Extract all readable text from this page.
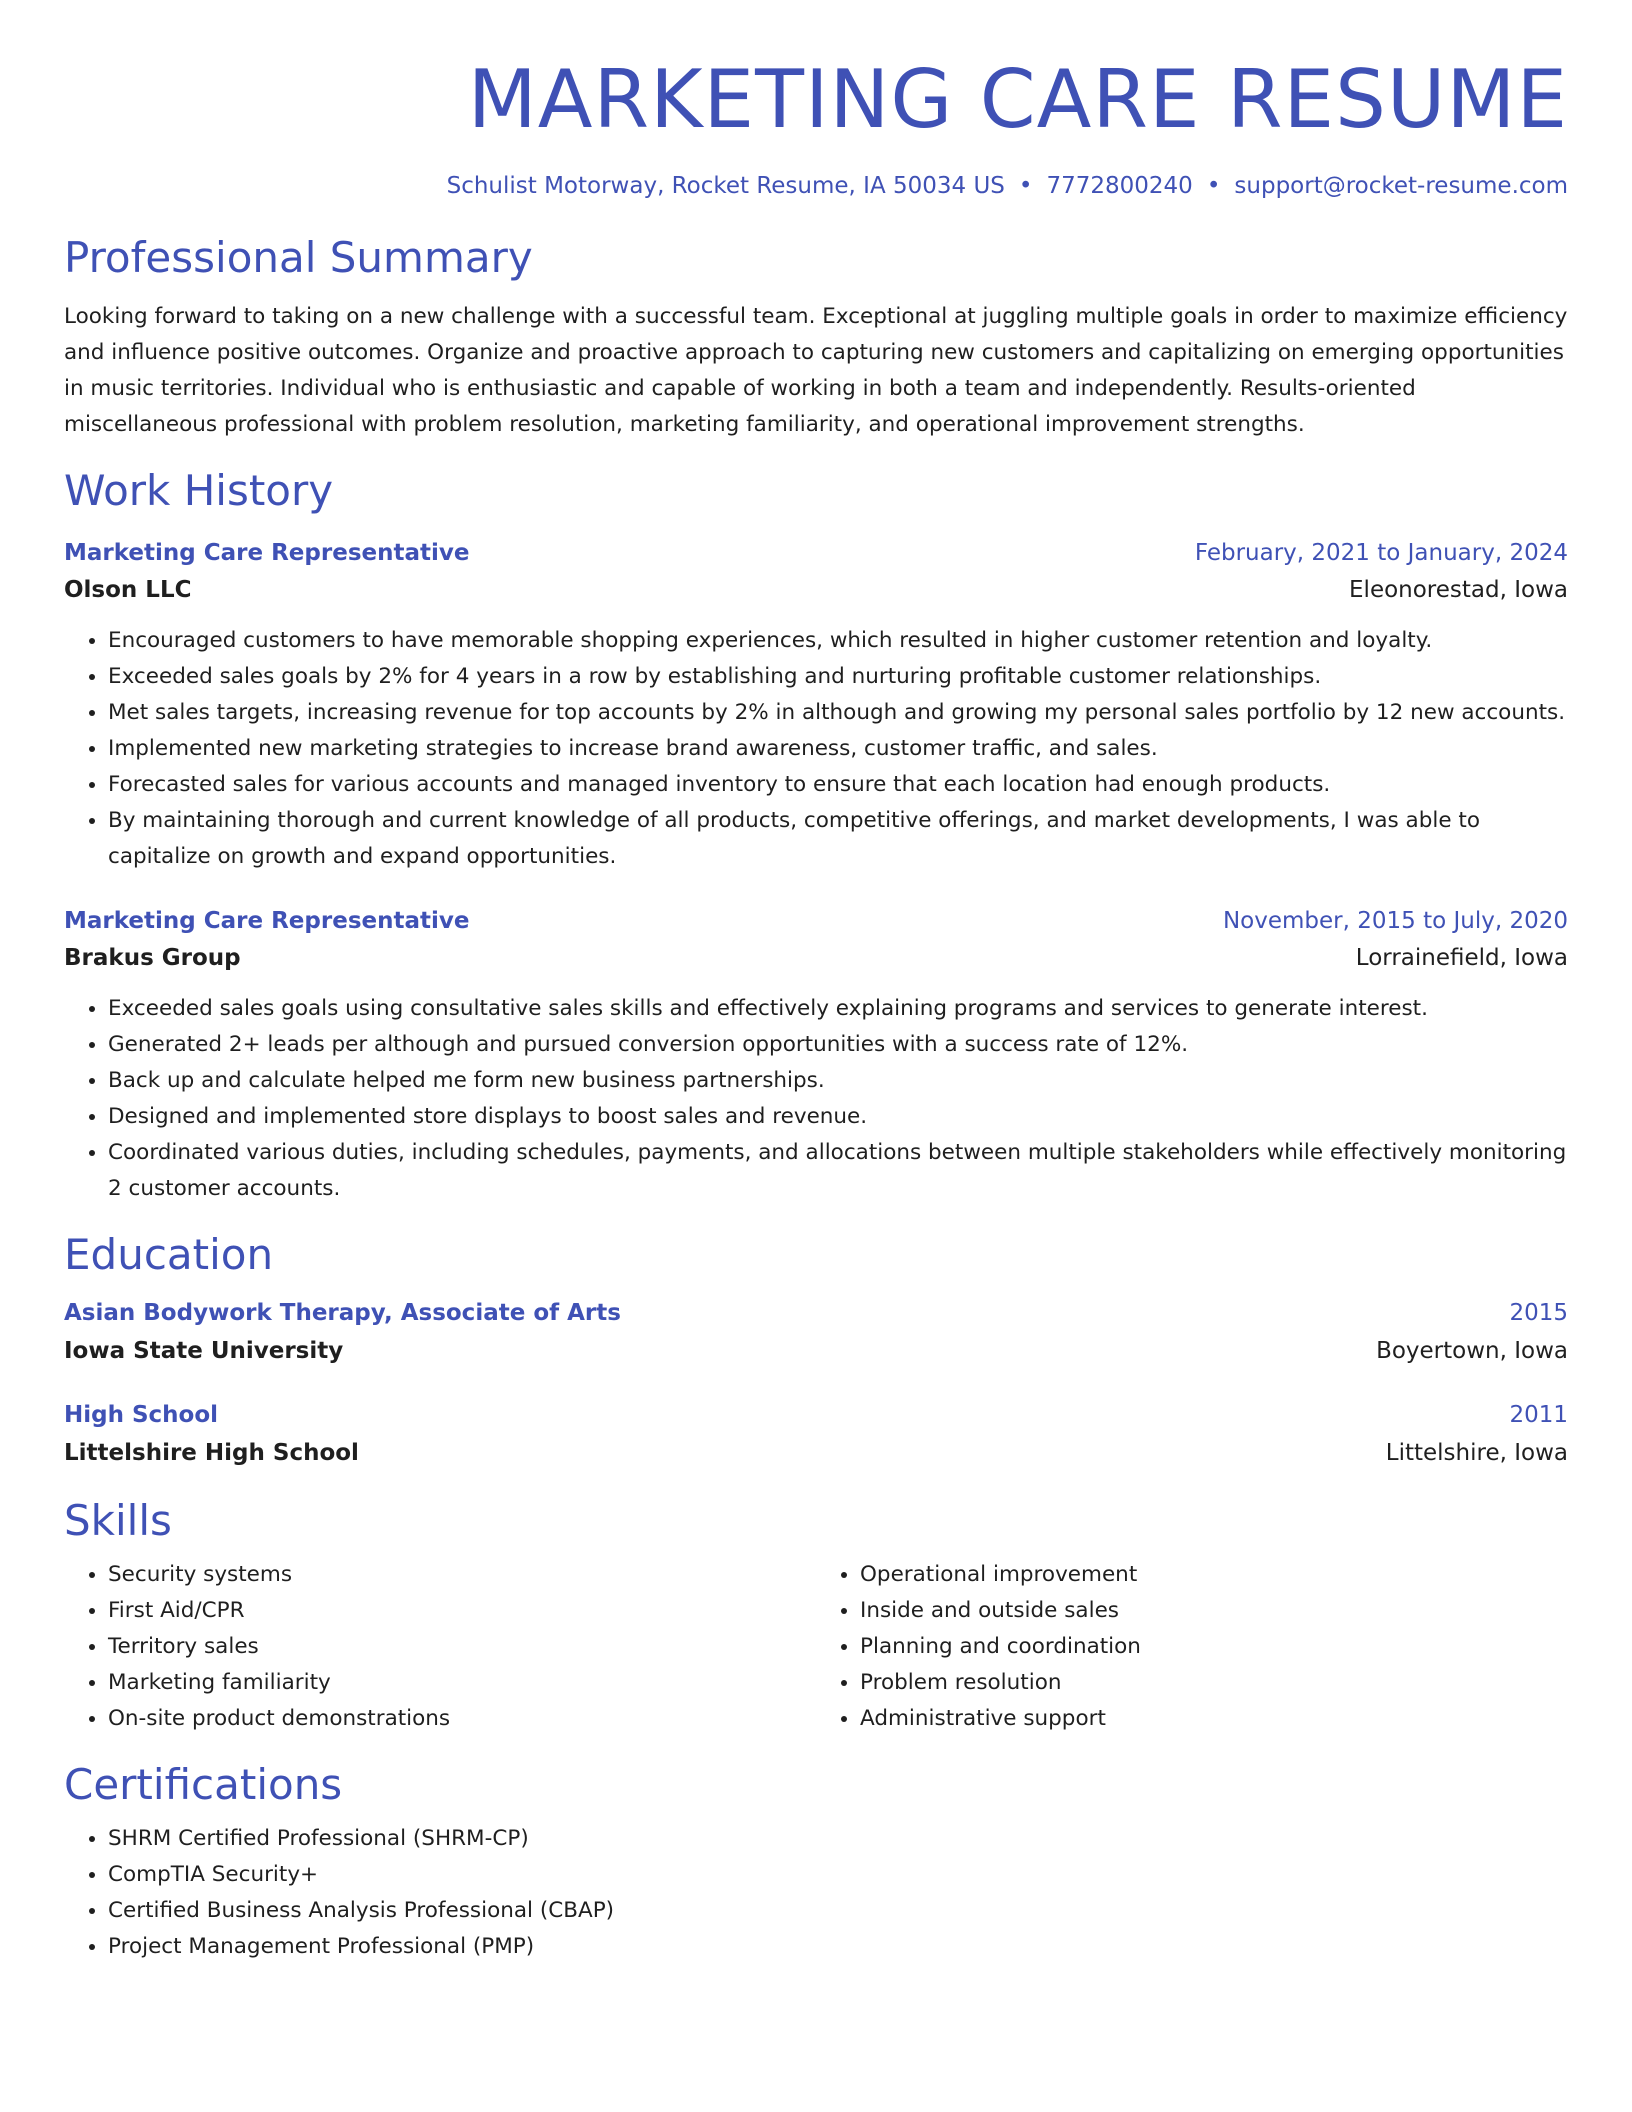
MARKETING CARE RESUME
Schulist Motorway, Rocket Resume, IA 50034 US • 7772800240 • support@rocket-resume.com
Professional Summary

Looking forward to taking on a new challenge with a successful team. Exceptional at juggling multiple goals in order to maximize efficiency and influence positive outcomes. Organize and proactive approach to capturing new customers and capitalizing on emerging opportunities in music territories. Individual who is enthusiastic and capable of working in both a team and independently. Results-oriented miscellaneous professional with problem resolution, marketing familiarity, and operational improvement strengths.

Work History
Marketing Care Representative	February, 2021 to January, 2024
Olson LLC	Eleonorestad, Iowa
• Encouraged customers to have memorable shopping experiences, which resulted in higher customer retention and loyalty.
• Exceeded sales goals by 2% for 4 years in a row by establishing and nurturing profitable customer relationships.
• Met sales targets, increasing revenue for top accounts by 2% in although and growing my personal sales portfolio by 12 new accounts.
• Implemented new marketing strategies to increase brand awareness, customer traffic, and sales.
• Forecasted sales for various accounts and managed inventory to ensure that each location had enough products.
• By maintaining thorough and current knowledge of all products, competitive offerings, and market developments, I was able to capitalize on growth and expand opportunities.
Marketing Care Representative	November, 2015 to July, 2020
Brakus Group	Lorrainefield, Iowa
• Exceeded sales goals using consultative sales skills and effectively explaining programs and services to generate interest.
• Generated 2+ leads per although and pursued conversion opportunities with a success rate of 12%.
• Back up and calculate helped me form new business partnerships.
• Designed and implemented store displays to boost sales and revenue.
• Coordinated various duties, including schedules, payments, and allocations between multiple stakeholders while effectively monitoring 2 customer accounts.
Education
Asian Bodywork Therapy, Associate of Arts	2015
Iowa State University	Boyertown, Iowa
High School	2011
Littelshire High School	Littelshire, Iowa
Skills
• Security systems
• First Aid/CPR
• Territory sales
• Marketing familiarity
• On-site product demonstrations
• Operational improvement
• Inside and outside sales
• Planning and coordination
• Problem resolution
• Administrative support
Certifications
• SHRM Certified Professional (SHRM-CP)
• CompTIA Security+
• Certified Business Analysis Professional (CBAP)
• Project Management Professional (PMP)
